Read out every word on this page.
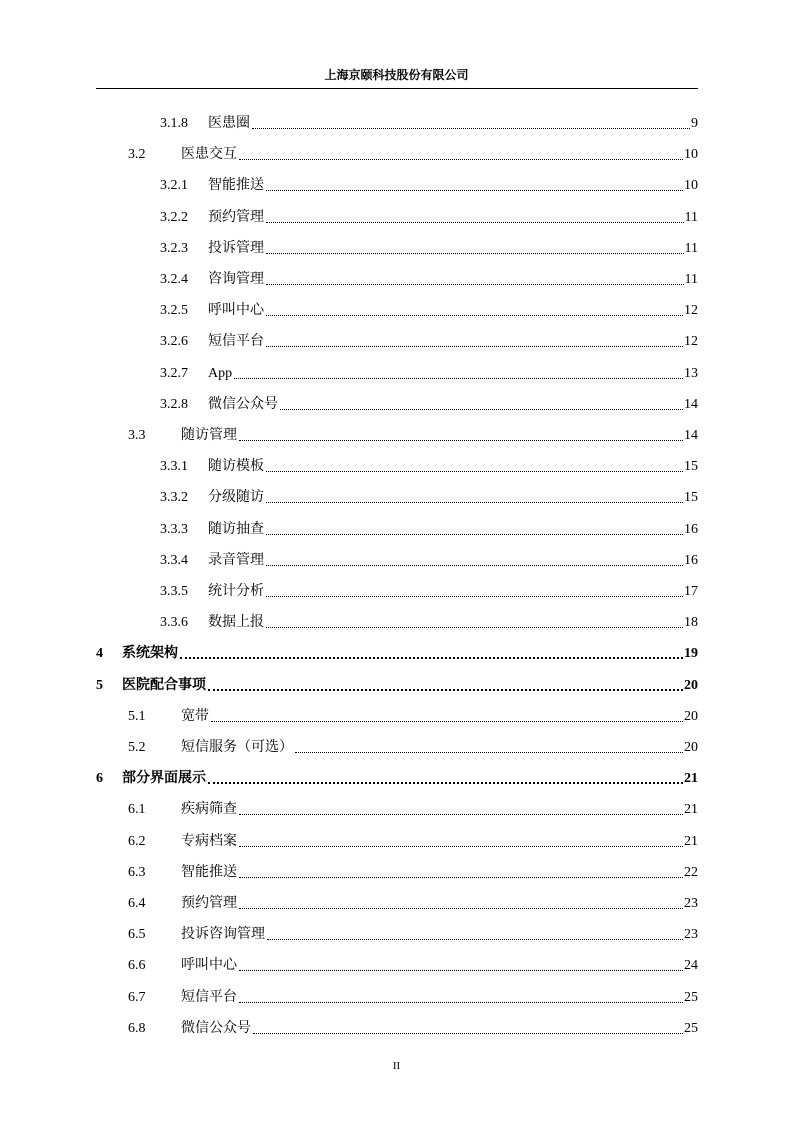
上海京颐科技股份有限公司
3.1.8	医患圈	9
3.2	医患交互	10
3.2.1	智能推送	10
3.2.2	预约管理	11
3.2.3	投诉管理	11
3.2.4	咨询管理	11
3.2.5	呼叫中心	12
3.2.6	短信平台	12
3.2.7	App	13
3.2.8	微信公众号	14
3.3	随访管理	14
3.3.1	随访模板	15
3.3.2	分级随访	15
3.3.3	随访抽查	16
3.3.4	录音管理	16
3.3.5	统计分析	17
3.3.6	数据上报	18
4	系统架构	19
5	医院配合事项	20
5.1	宽带	20
5.2	短信服务（可选）	20
6	部分界面展示	21
6.1	疾病筛查	21
6.2	专病档案	21
6.3	智能推送	22
6.4	预约管理	23
6.5	投诉咨询管理	23
6.6	呼叫中心	24
6.7	短信平台	25
6.8	微信公众号	25
II
